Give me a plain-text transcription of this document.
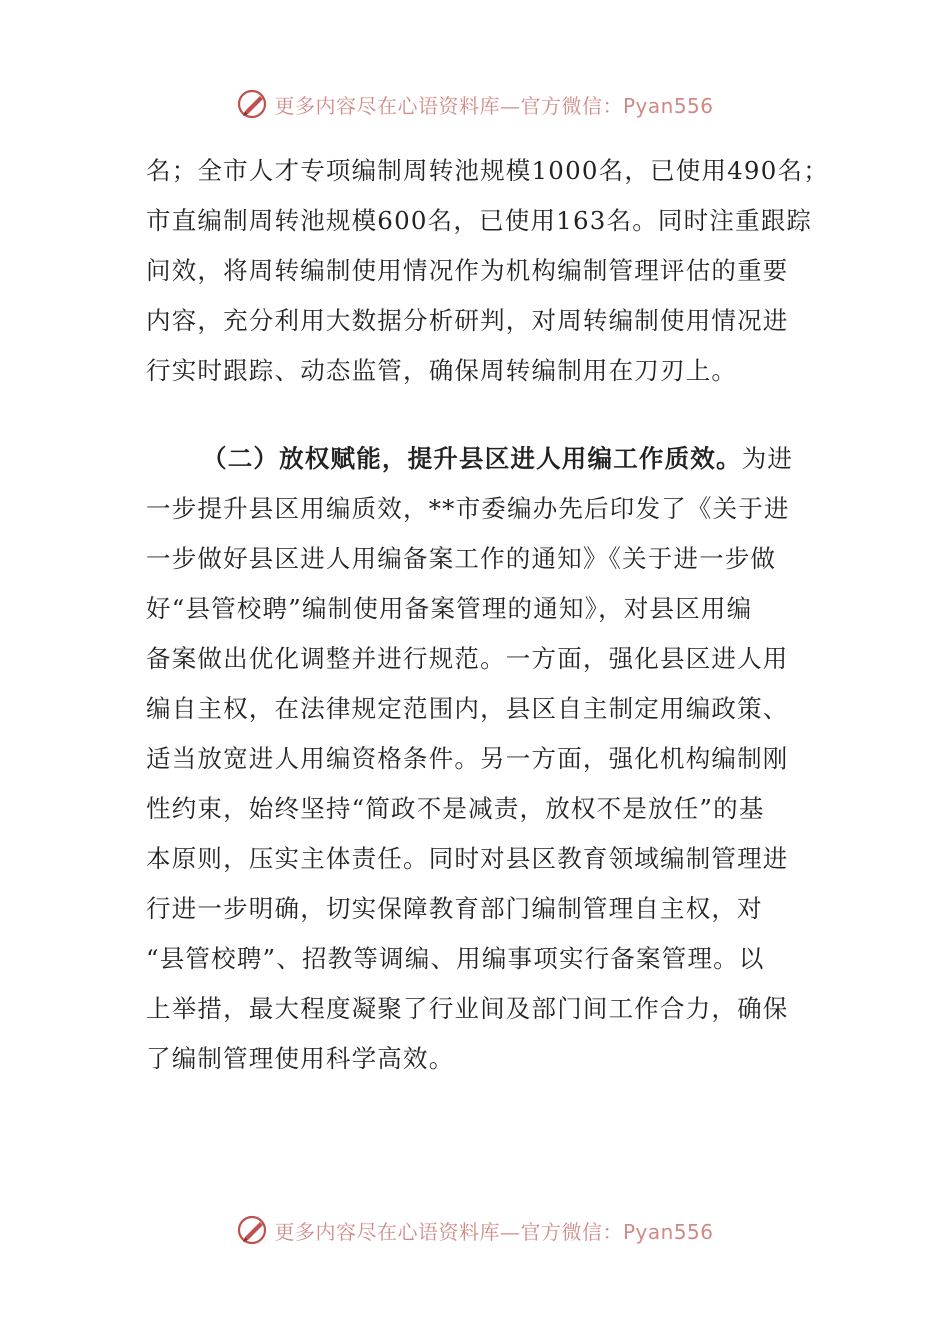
更多内容尽在心语资料库—官方微信：Pyan556

名；全市人才专项编制周转池规模1000名，已使用490名；
市直编制周转池规模600名，已使用163名。同时注重跟踪
问效，将周转编制使用情况作为机构编制管理评估的重要
内容，充分利用大数据分析研判，对周转编制使用情况进
行实时跟踪、动态监管，确保周转编制用在刀刃上。

（二）放权赋能，提升县区进人用编工作质效。为进
一步提升县区用编质效，**市委编办先后印发了《关于进
一步做好县区进人用编备案工作的通知》《关于进一步做
好“县管校聘”编制使用备案管理的通知》，对县区用编
备案做出优化调整并进行规范。一方面，强化县区进人用
编自主权，在法律规定范围内，县区自主制定用编政策、
适当放宽进人用编资格条件。另一方面，强化机构编制刚
性约束，始终坚持“简政不是减责，放权不是放任”的基
本原则，压实主体责任。同时对县区教育领域编制管理进
行进一步明确，切实保障教育部门编制管理自主权，对
“县管校聘”、招教等调编、用编事项实行备案管理。以
上举措，最大程度凝聚了行业间及部门间工作合力，确保
了编制管理使用科学高效。

更多内容尽在心语资料库—官方微信：Pyan556
